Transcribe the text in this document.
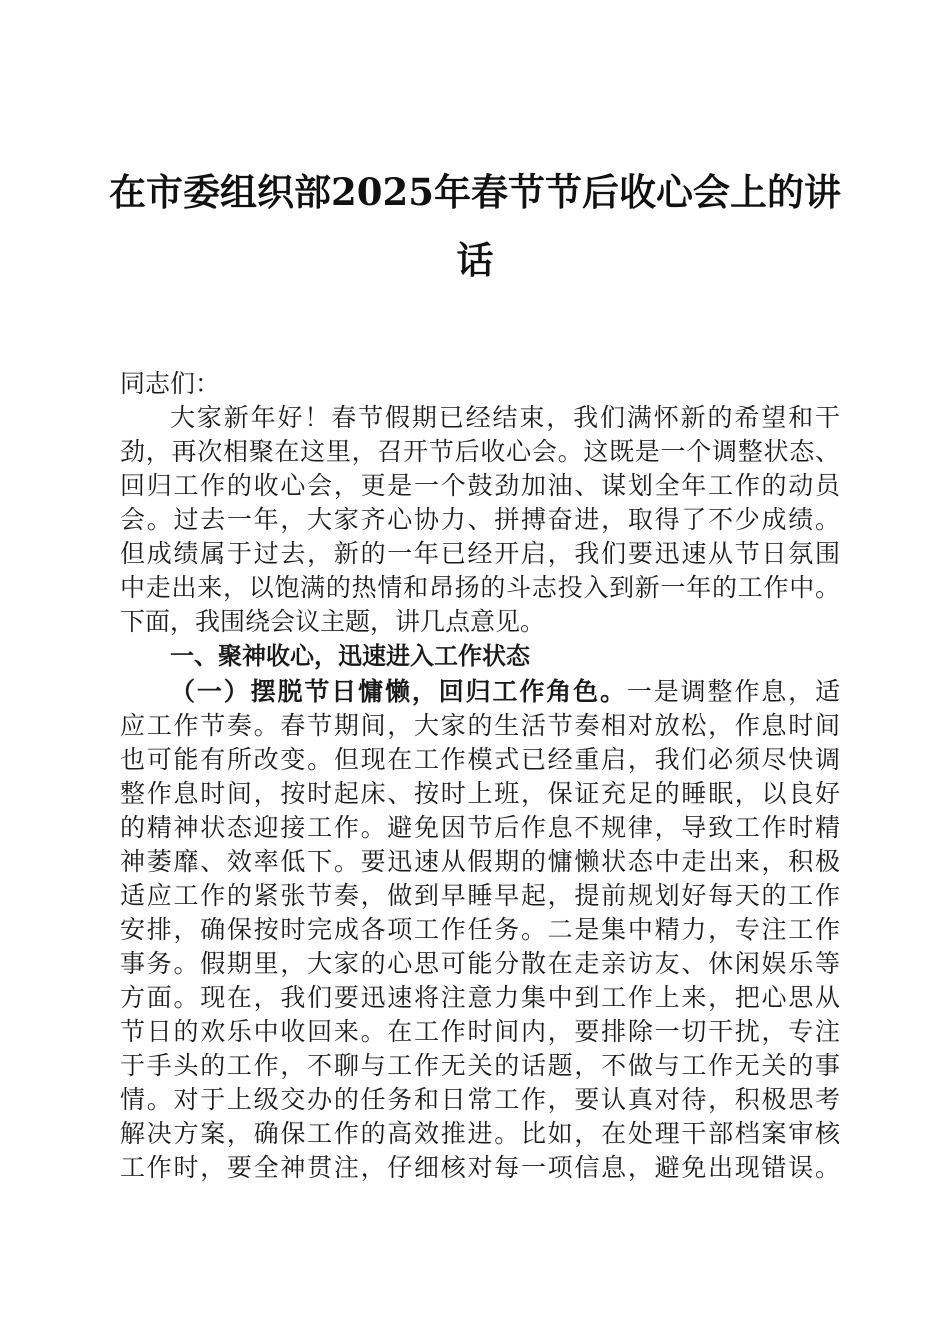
在市委组织部2025年春节节后收心会上的讲
话
同志们：
大家新年好！春节假期已经结束，我们满怀新的希望和干
劲，再次相聚在这里，召开节后收心会。这既是一个调整状态、
回归工作的收心会，更是一个鼓劲加油、谋划全年工作的动员
会。过去一年，大家齐心协力、拼搏奋进，取得了不少成绩。
但成绩属于过去，新的一年已经开启，我们要迅速从节日氛围
中走出来，以饱满的热情和昂扬的斗志投入到新一年的工作中。
下面，我围绕会议主题，讲几点意见。
一、聚神收心，迅速进入工作状态
（一）摆脱节日慵懒，回归工作角色。一是调整作息，适
应工作节奏。春节期间，大家的生活节奏相对放松，作息时间
也可能有所改变。但现在工作模式已经重启，我们必须尽快调
整作息时间，按时起床、按时上班，保证充足的睡眠，以良好
的精神状态迎接工作。避免因节后作息不规律，导致工作时精
神萎靡、效率低下。要迅速从假期的慵懒状态中走出来，积极
适应工作的紧张节奏，做到早睡早起，提前规划好每天的工作
安排，确保按时完成各项工作任务。二是集中精力，专注工作
事务。假期里，大家的心思可能分散在走亲访友、休闲娱乐等
方面。现在，我们要迅速将注意力集中到工作上来，把心思从
节日的欢乐中收回来。在工作时间内，要排除一切干扰，专注
于手头的工作，不聊与工作无关的话题，不做与工作无关的事
情。对于上级交办的任务和日常工作，要认真对待，积极思考
解决方案，确保工作的高效推进。比如，在处理干部档案审核
工作时，要全神贯注，仔细核对每一项信息，避免出现错误。
